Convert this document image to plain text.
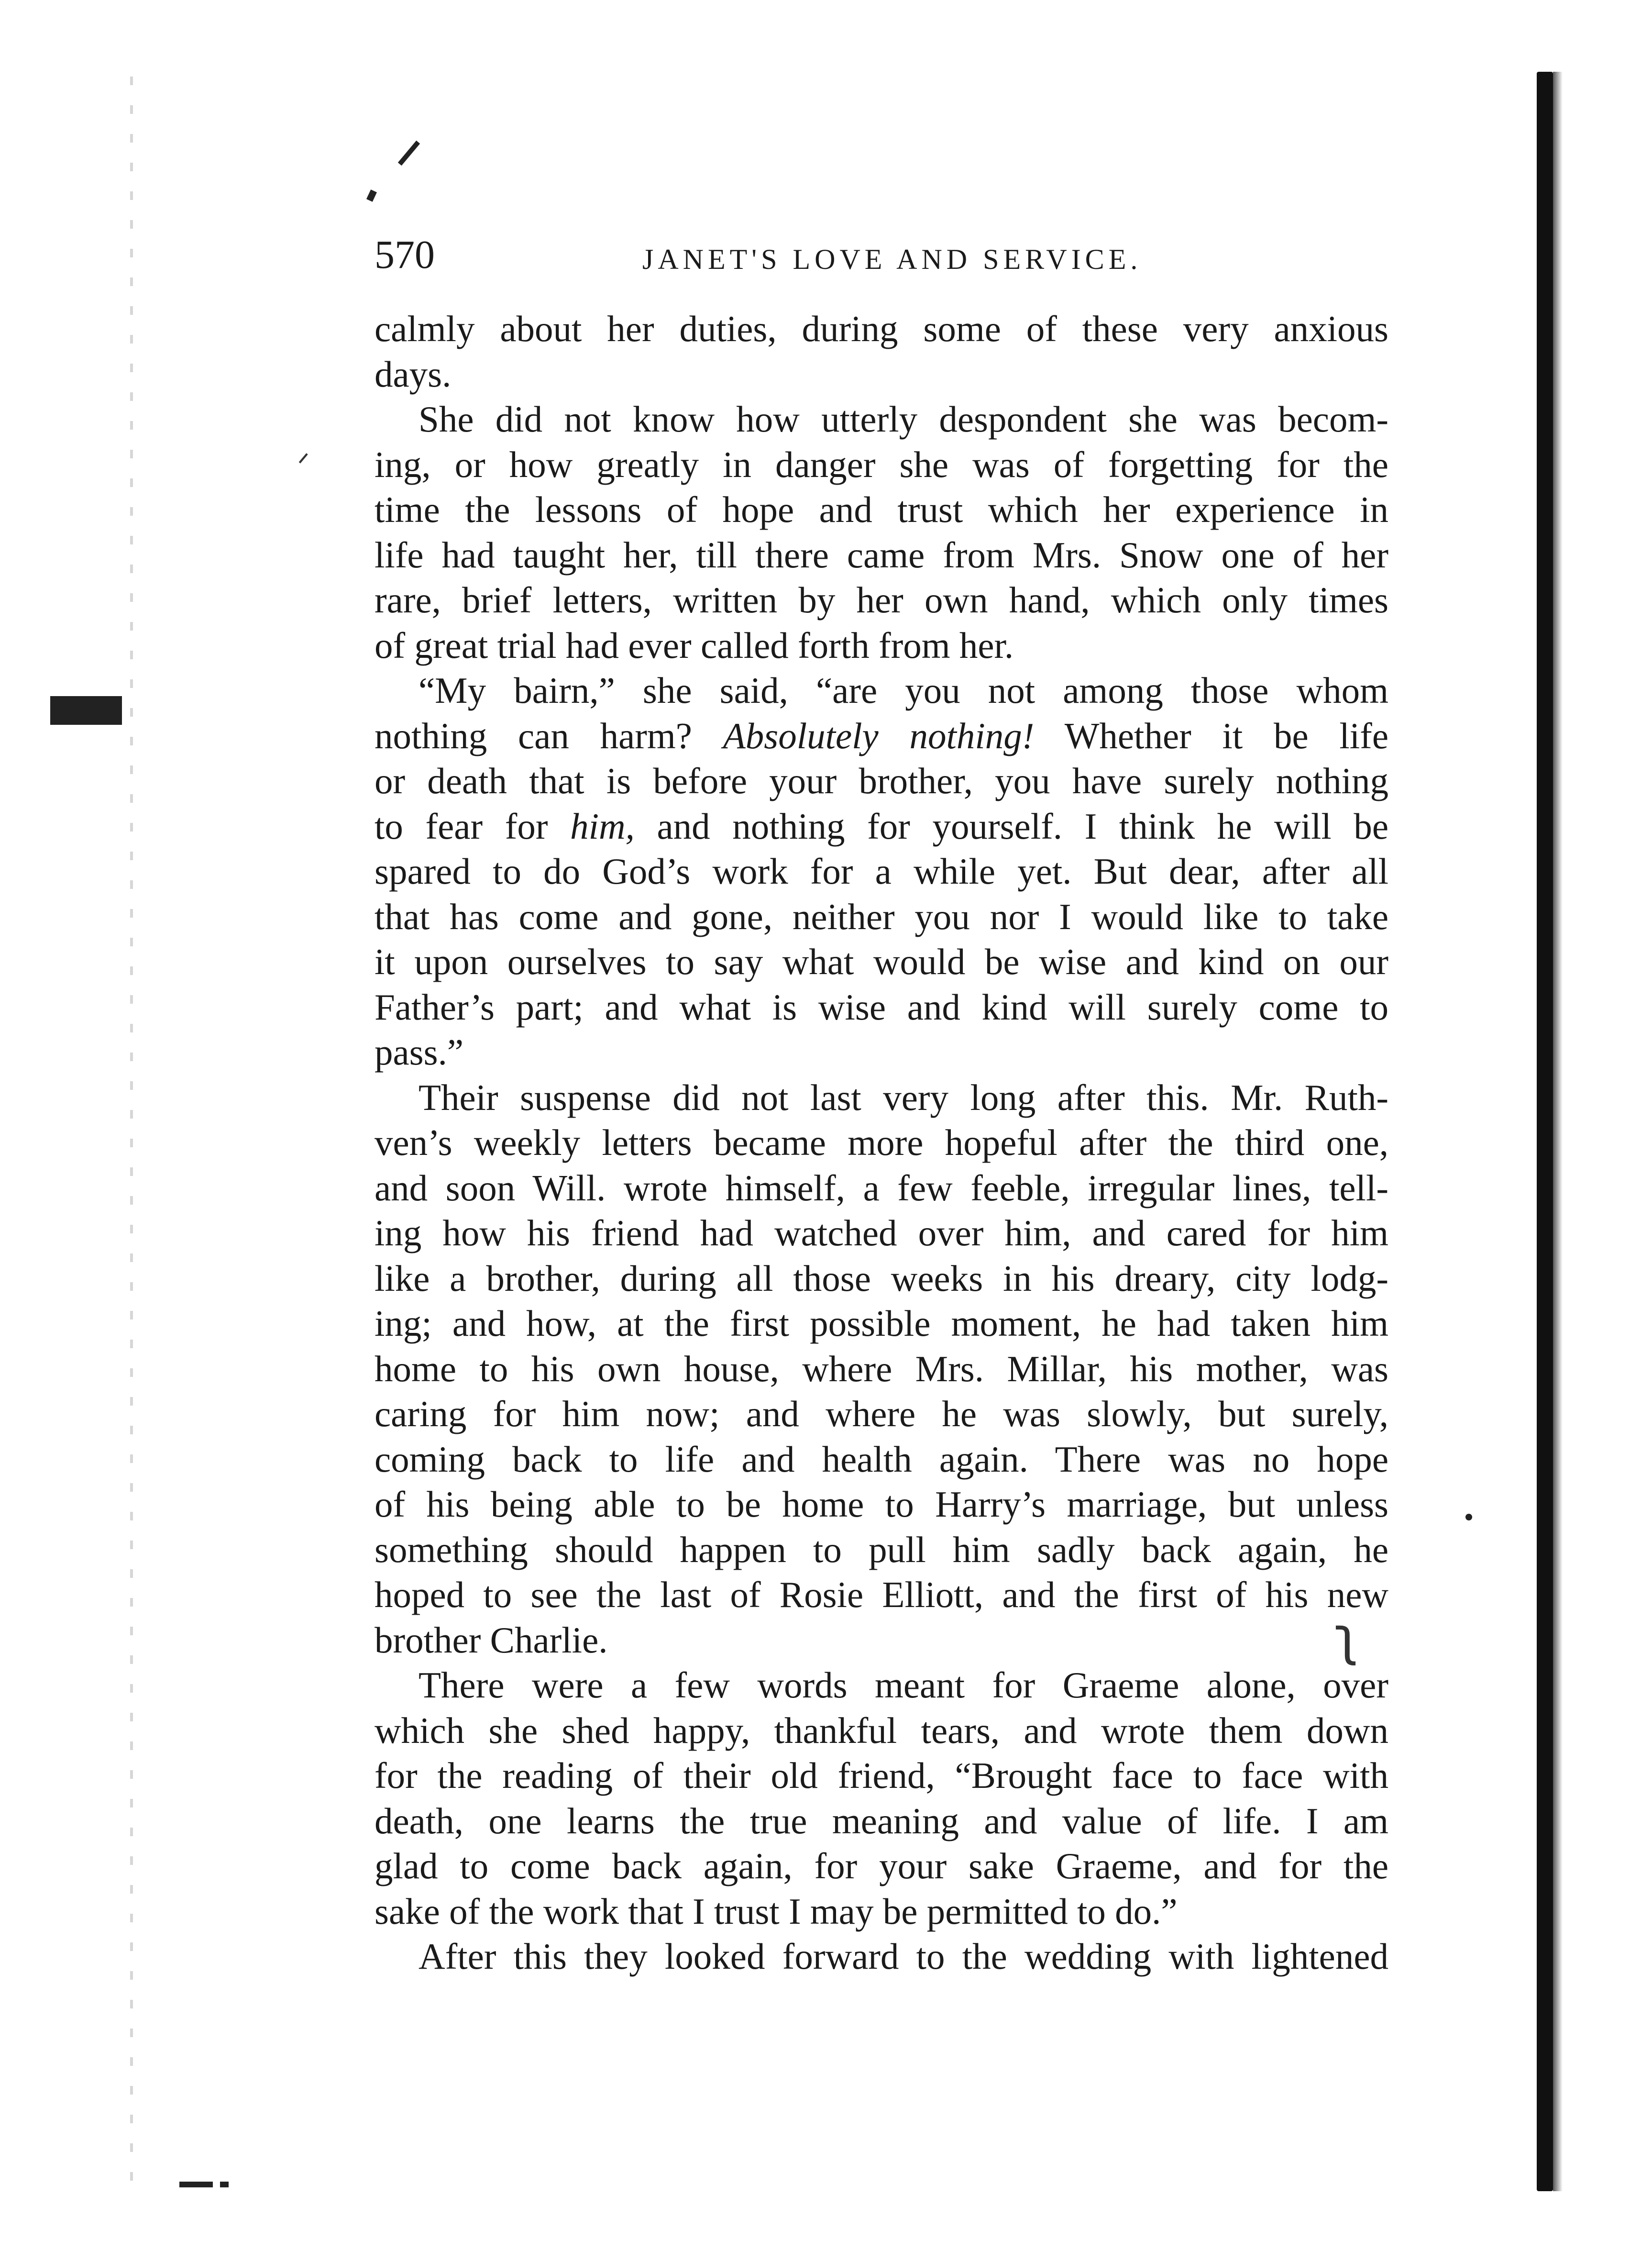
ᐟ
ʅ
570	JANET'S LOVE AND SERVICE.
calmly about her duties, during some of these very anxious
days.
She did not know how utterly despondent she was becom-
ing, or how greatly in danger she was of forgetting for the
time the lessons of hope and trust which her experience in
life had taught her, till there came from Mrs. Snow one of her
rare, brief letters, written by her own hand, which only times
of great trial had ever called forth from her.
“My bairn,” she said, “are you not among those whom
nothing can harm? Absolutely nothing! Whether it be life
or death that is before your brother, you have surely nothing
to fear for him, and nothing for yourself. I think he will be
spared to do God’s work for a while yet. But dear, after all
that has come and gone, neither you nor I would like to take
it upon ourselves to say what would be wise and kind on our
Father’s part; and what is wise and kind will surely come to
pass.”
Their suspense did not last very long after this. Mr. Ruth-
ven’s weekly letters became more hopeful after the third one,
and soon Will. wrote himself, a few feeble, irregular lines, tell-
ing how his friend had watched over him, and cared for him
like a brother, during all those weeks in his dreary, city lodg-
ing; and how, at the first possible moment, he had taken him
home to his own house, where Mrs. Millar, his mother, was
caring for him now; and where he was slowly, but surely,
coming back to life and health again. There was no hope
of his being able to be home to Harry’s marriage, but unless
something should happen to pull him sadly back again, he
hoped to see the last of Rosie Elliott, and the first of his new
brother Charlie.
There were a few words meant for Graeme alone, over
which she shed happy, thankful tears, and wrote them down
for the reading of their old friend, “Brought face to face with
death, one learns the true meaning and value of life. I am
glad to come back again, for your sake Graeme, and for the
sake of the work that I trust I may be permitted to do.”
After this they looked forward to the wedding with lightened
